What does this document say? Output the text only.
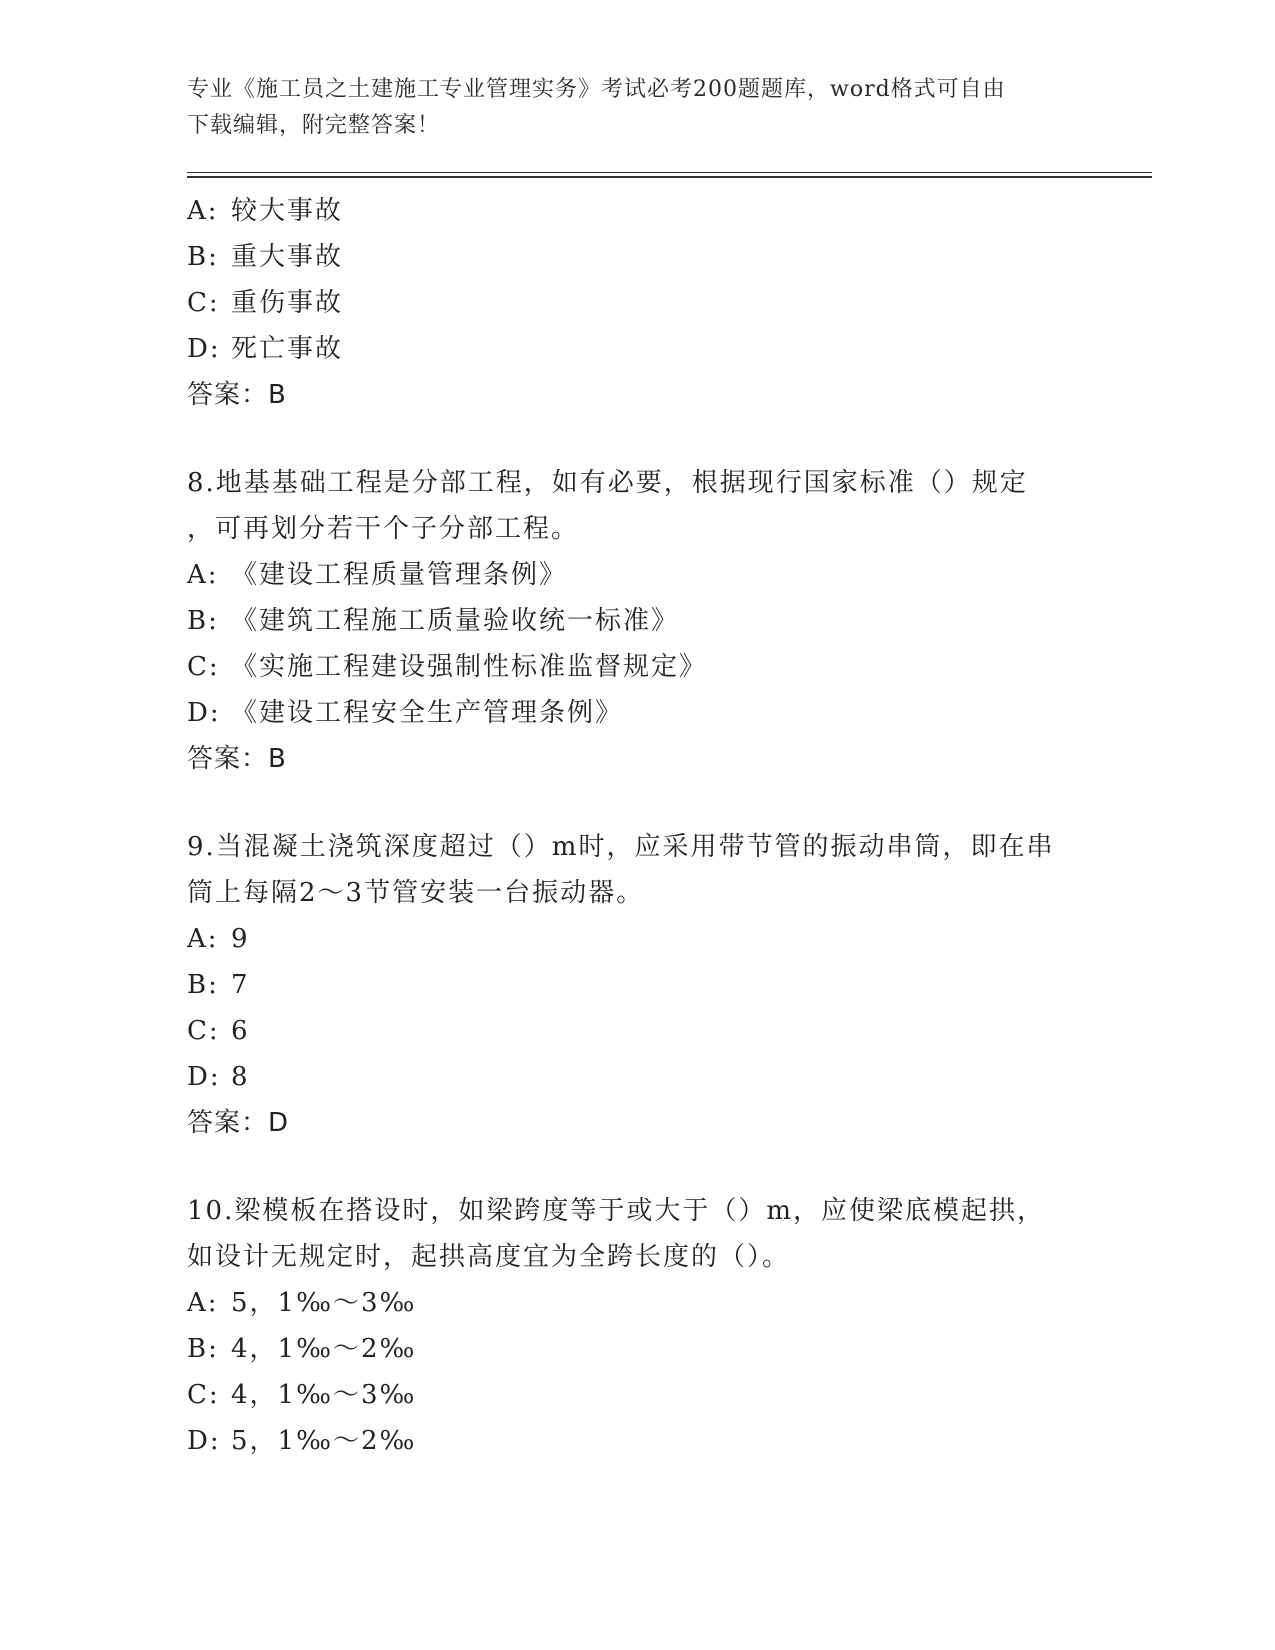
专业《施工员之土建施工专业管理实务》考试必考200题题库，word格式可自由
下载编辑，附完整答案！
A: 较大事故
B: 重大事故
C: 重伤事故
D: 死亡事故
答案：B
8.地基基础工程是分部工程，如有必要，根据现行国家标准（）规定
，可再划分若干个子分部工程。
A: 《建设工程质量管理条例》
B: 《建筑工程施工质量验收统一标准》
C: 《实施工程建设强制性标准监督规定》
D: 《建设工程安全生产管理条例》
答案：B
9.当混凝土浇筑深度超过（）m时，应采用带节管的振动串筒，即在串
筒上每隔2～3节管安装一台振动器。
A: 9
B: 7
C: 6
D: 8
答案：D
10.梁模板在搭设时，如梁跨度等于或大于（）m，应使梁底模起拱，
如设计无规定时，起拱高度宜为全跨长度的（）。
A: 5，1‰～3‰
B: 4，1‰～2‰
C: 4，1‰～3‰
D: 5，1‰～2‰
